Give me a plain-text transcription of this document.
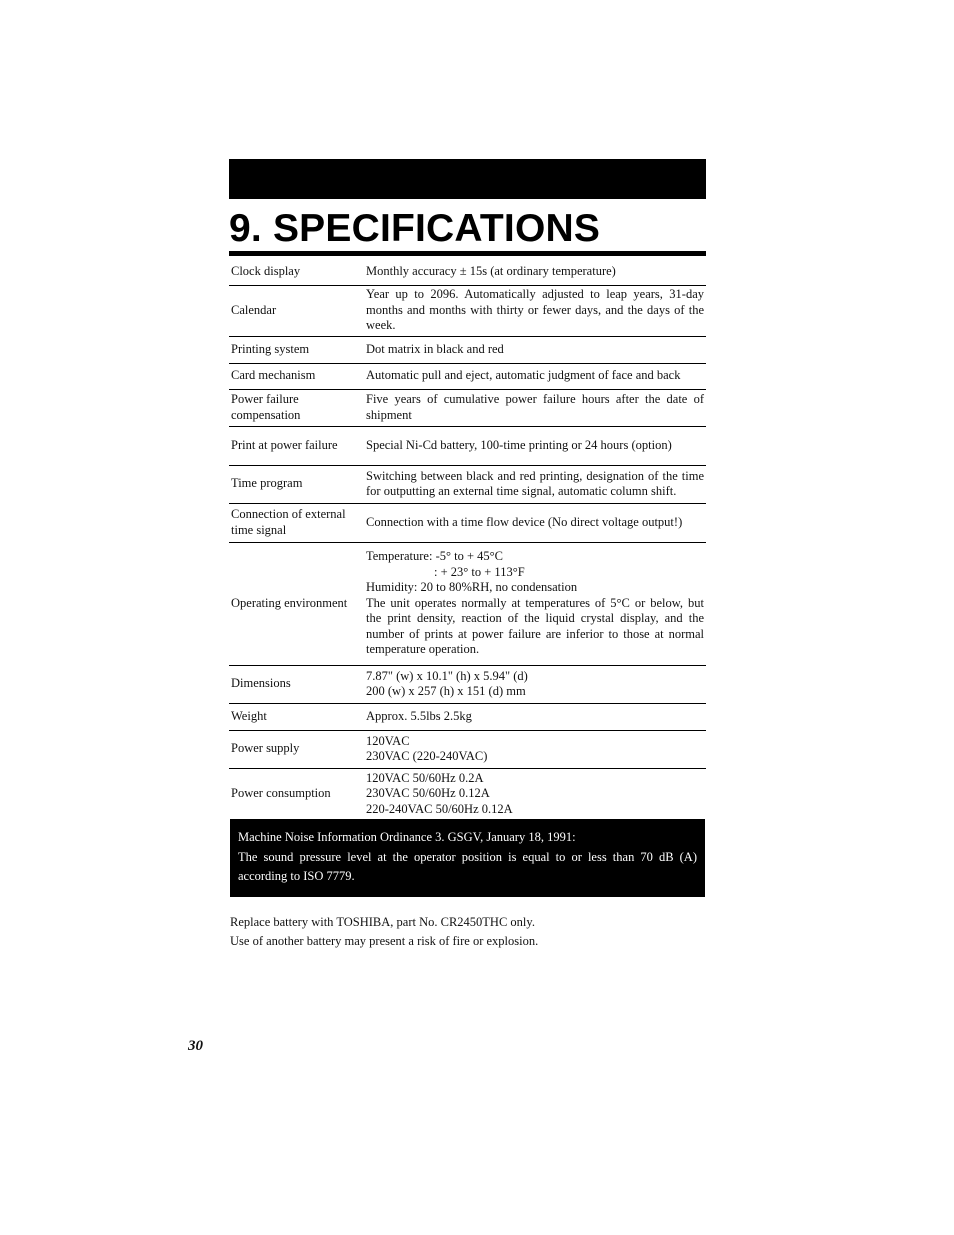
9. SPECIFICATIONS
Clock display	Monthly accuracy ± 15s (at ordinary temperature)

Calendar	Year up to 2096. Automatically adjusted to leap years, 31-day months and months with thirty or fewer days, and the days of the week.

Printing system	Dot matrix in black and red

Card mechanism	Automatic pull and eject, automatic judgment of face and back

Power failure compensation	Five years of cumulative power failure hours after the date of shipment

Print at power failure	Special Ni-Cd battery, 100-time printing or 24 hours (option)

Time program	Switching between black and red printing, designation of the time for outputting an external time signal, automatic column shift.

Connection of external time signal	Connection with a time flow device (No direct voltage output!)

Operating environment	Temperature: -5° to + 45°C
: + 23° to + 113°F
Humidity: 20 to 80%RH, no condensation
The unit operates normally at temperatures of 5°C or below, but the print density, reaction of the liquid crystal display, and the number of prints at power failure are inferior to those at normal temperature operation.

Dimensions	7.87" (w) x 10.1" (h) x 5.94" (d)
200 (w) x 257 (h) x 151 (d) mm

Weight	Approx. 5.5lbs 2.5kg

Power supply	120VAC
230VAC (220-240VAC)

Power consumption	120VAC 50/60Hz 0.2A
230VAC 50/60Hz 0.12A
220-240VAC 50/60Hz 0.12A
Machine Noise Information Ordinance 3. GSGV, January 18, 1991:
The sound pressure level at the operator position is equal to or less than 70 dB (A) according to ISO 7779.
Replace battery with TOSHIBA, part No. CR2450THC only.
Use of another battery may present a risk of fire or explosion.
30
